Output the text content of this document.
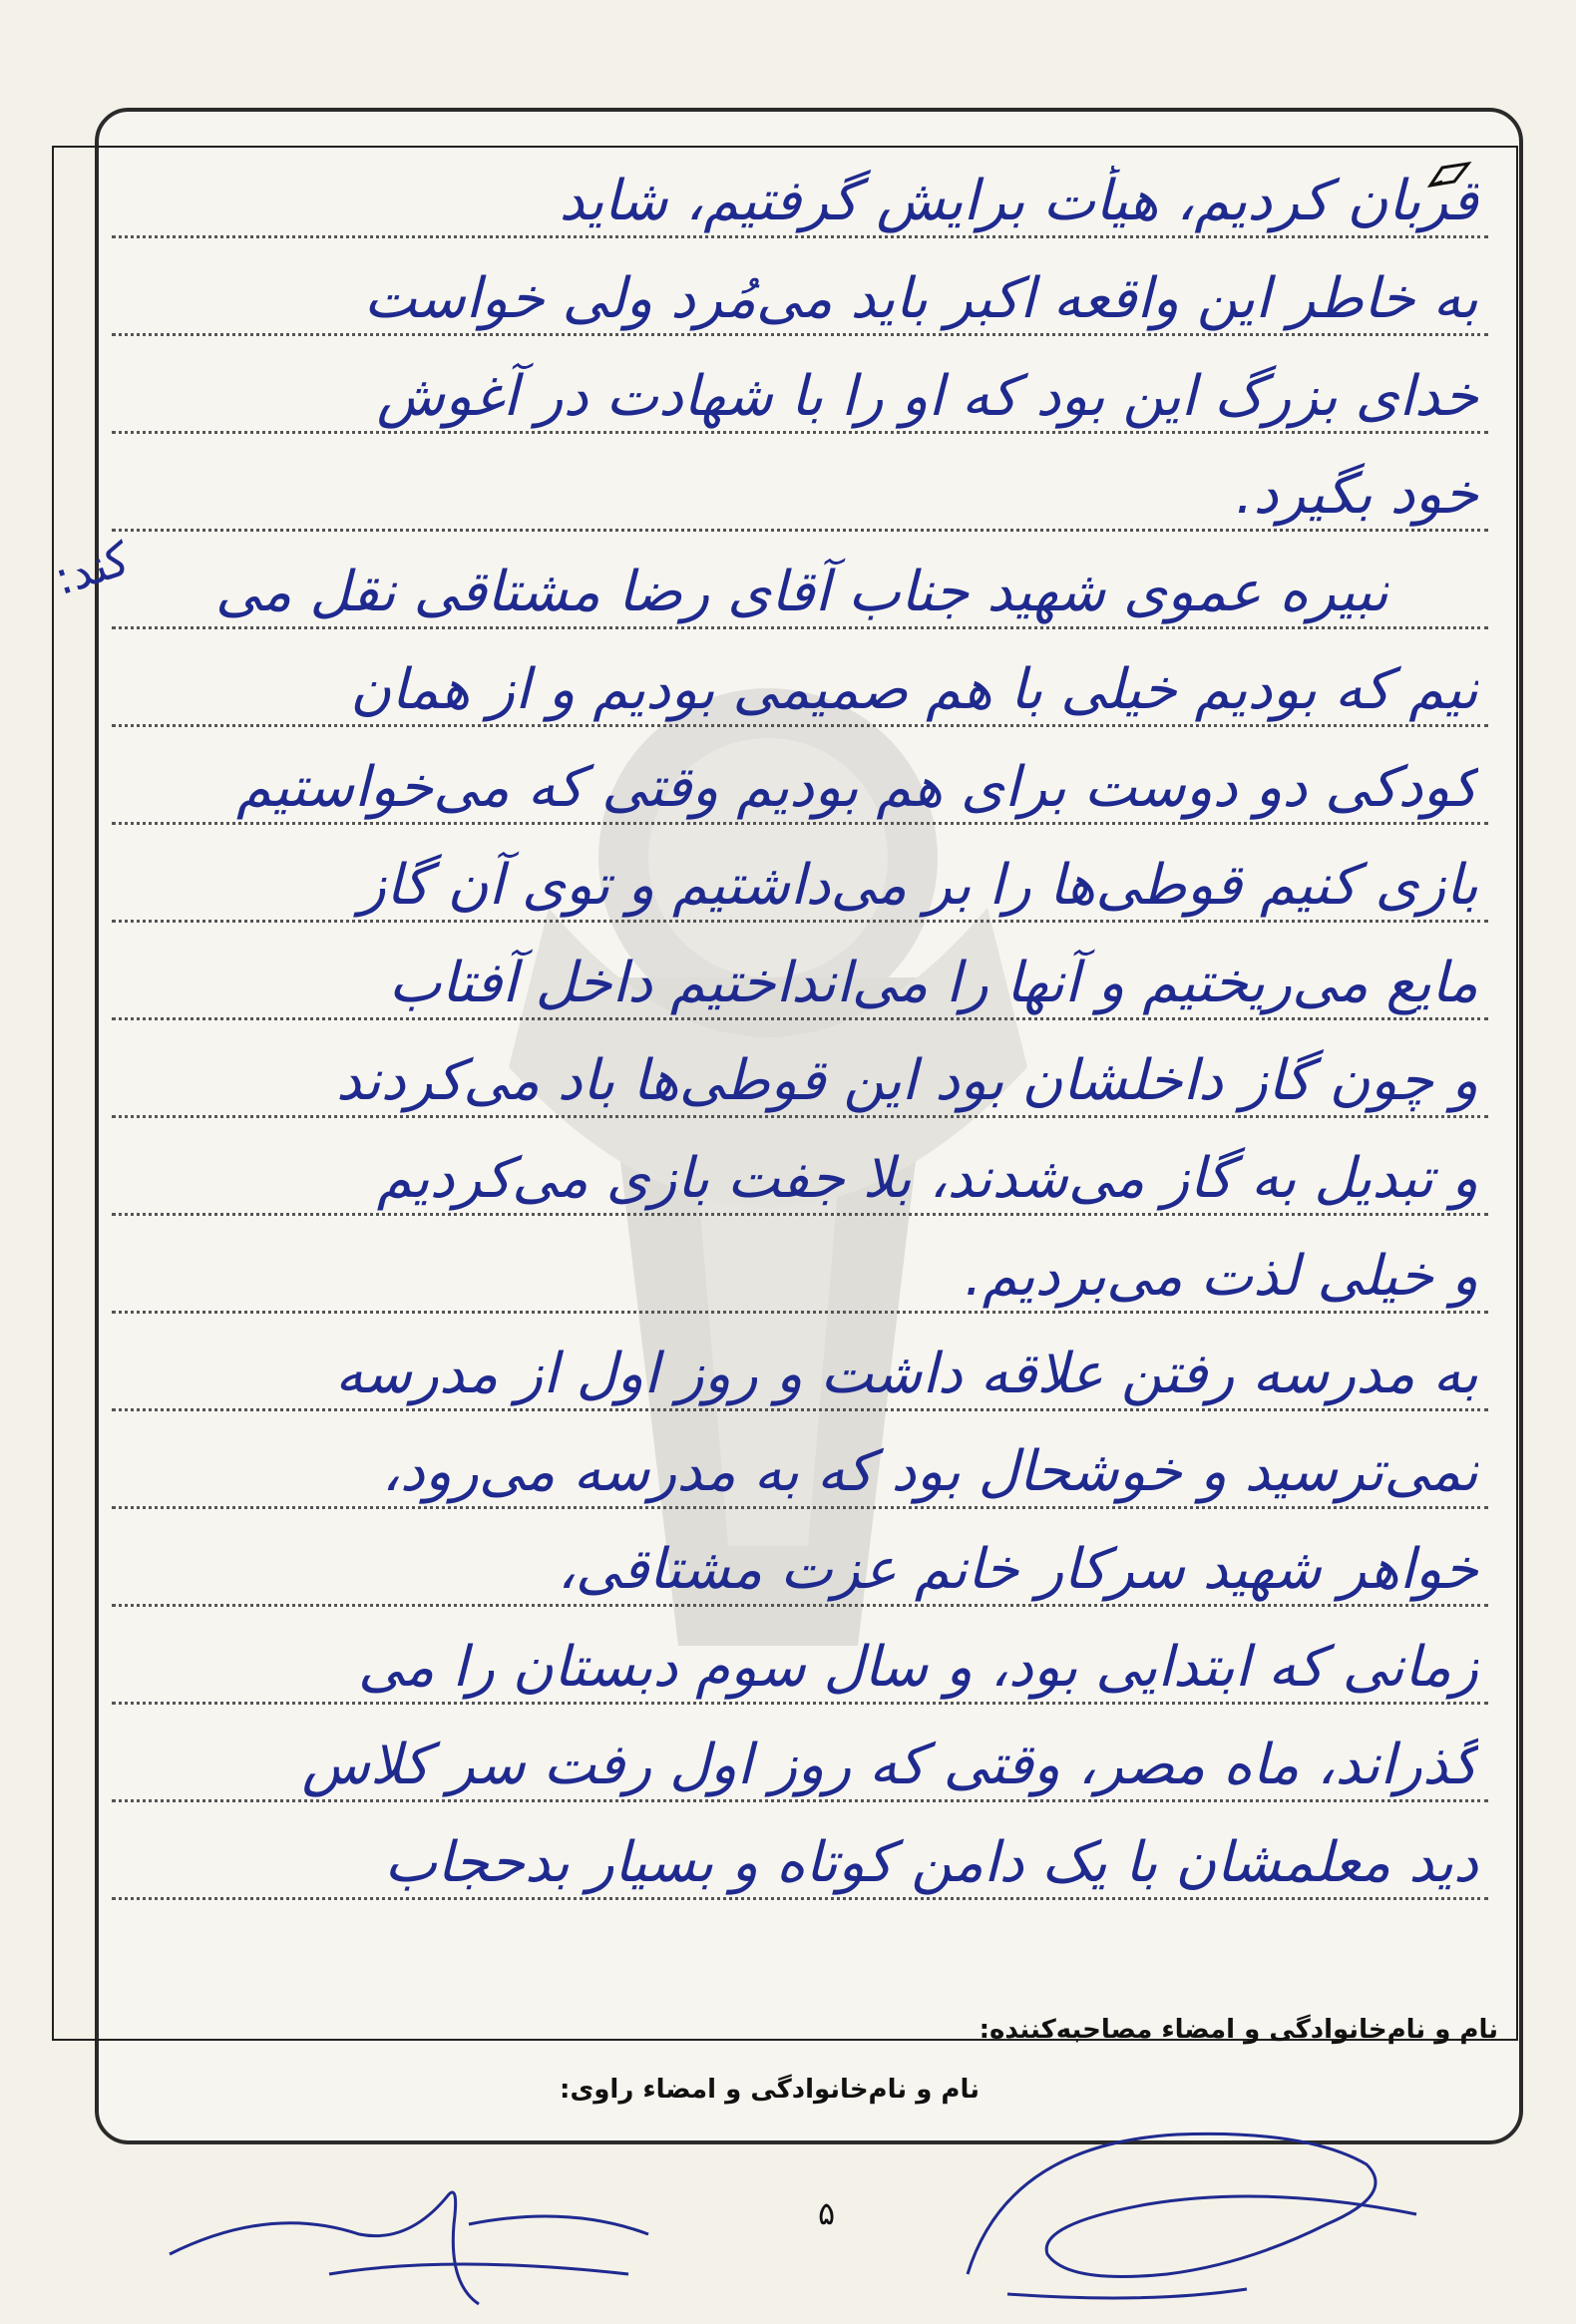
قربان کردیم، هیأت برایش گرفتیم، شاید
به خاطر این واقعه اکبر باید می‌مُرد ولی خواست
خدای بزرگ این بود که او را با شهادت در آغوش
خود بگیرد.
نبیره عموی شهید جناب آقای رضا مشتاقی نقل می
نیم که بودیم خیلی با هم صمیمی بودیم و از همان
کودکی دو دوست برای هم بودیم وقتی که می‌خواستیم
بازی کنیم قوطی‌ها را بر می‌داشتیم و توی آن گاز
مایع می‌ریختیم و آنها را می‌انداختیم داخل آفتاب
و چون گاز داخلشان بود این قوطی‌ها باد می‌کردند
و تبدیل به گاز می‌شدند، بلا جفت بازی می‌کردیم
و خیلی لذت می‌بردیم.
به مدرسه رفتن علاقه داشت و روز اول از مدرسه
نمی‌ترسید و خوشحال بود که به مدرسه می‌رود،
خواهر شهید سرکار خانم عزت مشتاقی،
زمانی که ابتدایی بود، و سال سوم دبستان را می‌
گذراند، ماه مصر، وقتی که روز اول رفت سر کلاس
دید معلمشان با یک دامن کوتاه و بسیار بدحجاب
کند:
نام و نام‌خانوادگی و امضاء مصاحبه‌کننده:
نام و نام‌خانوادگی و امضاء راوی:
۵
